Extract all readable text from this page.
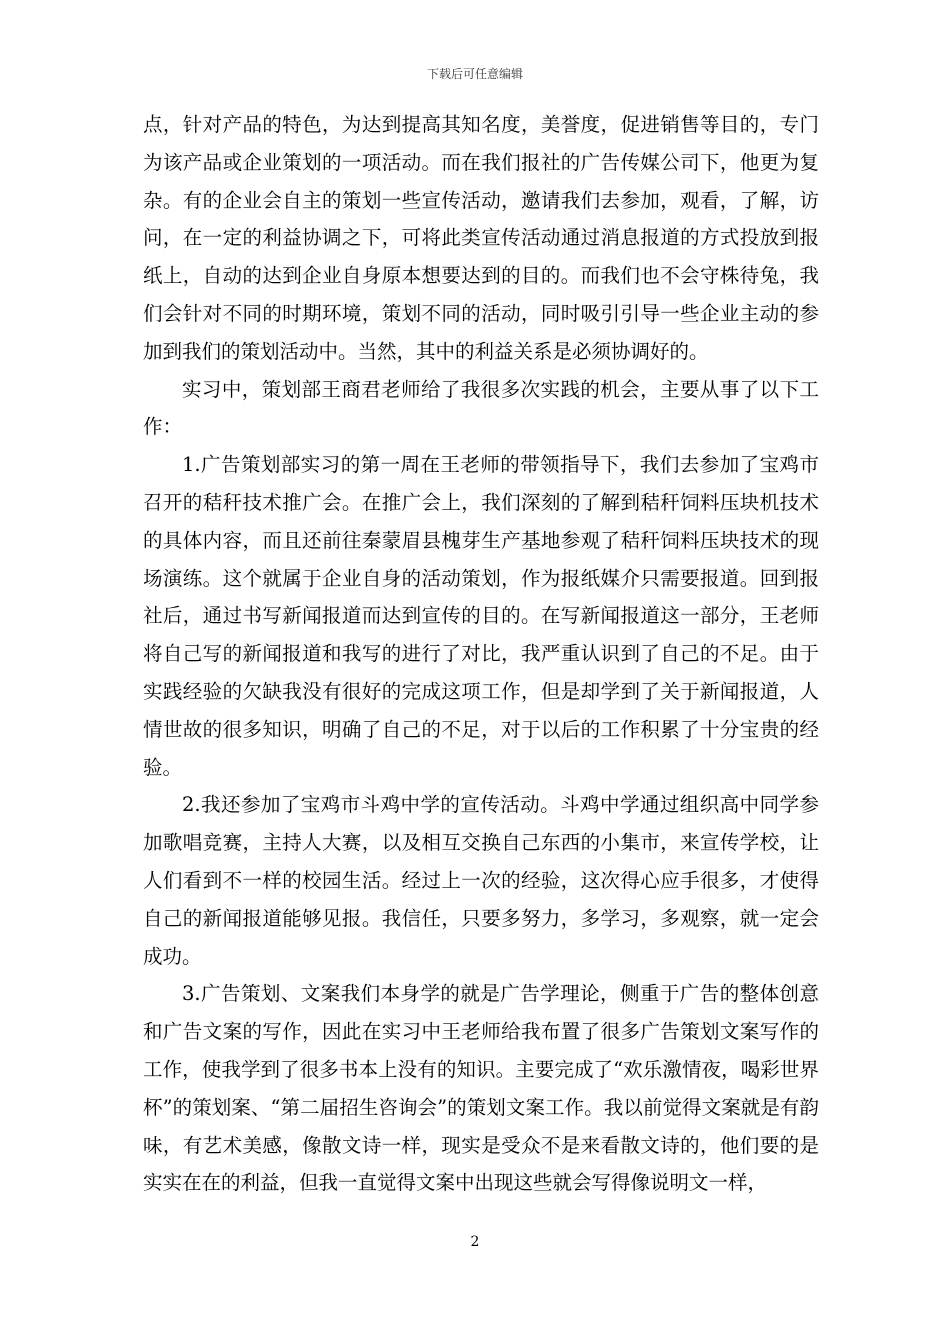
下载后可任意编辑

点，针对产品的特色，为达到提高其知名度，美誉度，促进销售等目的，专门为该产品或企业策划的一项活动。而在我们报社的广告传媒公司下，他更为复杂。有的企业会自主的策划一些宣传活动，邀请我们去参加，观看，了解，访问，在一定的利益协调之下，可将此类宣传活动通过消息报道的方式投放到报纸上，自动的达到企业自身原本想要达到的目的。而我们也不会守株待兔，我们会针对不同的时期环境，策划不同的活动，同时吸引引导一些企业主动的参加到我们的策划活动中。当然，其中的利益关系是必须协调好的。

实习中，策划部王商君老师给了我很多次实践的机会，主要从事了以下工作：

1.广告策划部实习的第一周在王老师的带领指导下，我们去参加了宝鸡市召开的秸秆技术推广会。在推广会上，我们深刻的了解到秸秆饲料压块机技术的具体内容，而且还前往秦蒙眉县槐芽生产基地参观了秸秆饲料压块技术的现场演练。这个就属于企业自身的活动策划，作为报纸媒介只需要报道。回到报社后，通过书写新闻报道而达到宣传的目的。在写新闻报道这一部分，王老师将自己写的新闻报道和我写的进行了对比，我严重认识到了自己的不足。由于实践经验的欠缺我没有很好的完成这项工作，但是却学到了关于新闻报道，人情世故的很多知识，明确了自己的不足，对于以后的工作积累了十分宝贵的经验。

2.我还参加了宝鸡市斗鸡中学的宣传活动。斗鸡中学通过组织高中同学参加歌唱竞赛，主持人大赛，以及相互交换自己东西的小集市，来宣传学校，让人们看到不一样的校园生活。经过上一次的经验，这次得心应手很多，才使得自己的新闻报道能够见报。我信任，只要多努力，多学习，多观察，就一定会成功。

3.广告策划、文案我们本身学的就是广告学理论，侧重于广告的整体创意和广告文案的写作，因此在实习中王老师给我布置了很多广告策划文案写作的工作，使我学到了很多书本上没有的知识。主要完成了“欢乐激情夜，喝彩世界杯”的策划案、“第二届招生咨询会”的策划文案工作。我以前觉得文案就是有韵味，有艺术美感，像散文诗一样，现实是受众不是来看散文诗的，他们要的是实实在在的利益，但我一直觉得文案中出现这些就会写得像说明文一样，

2
